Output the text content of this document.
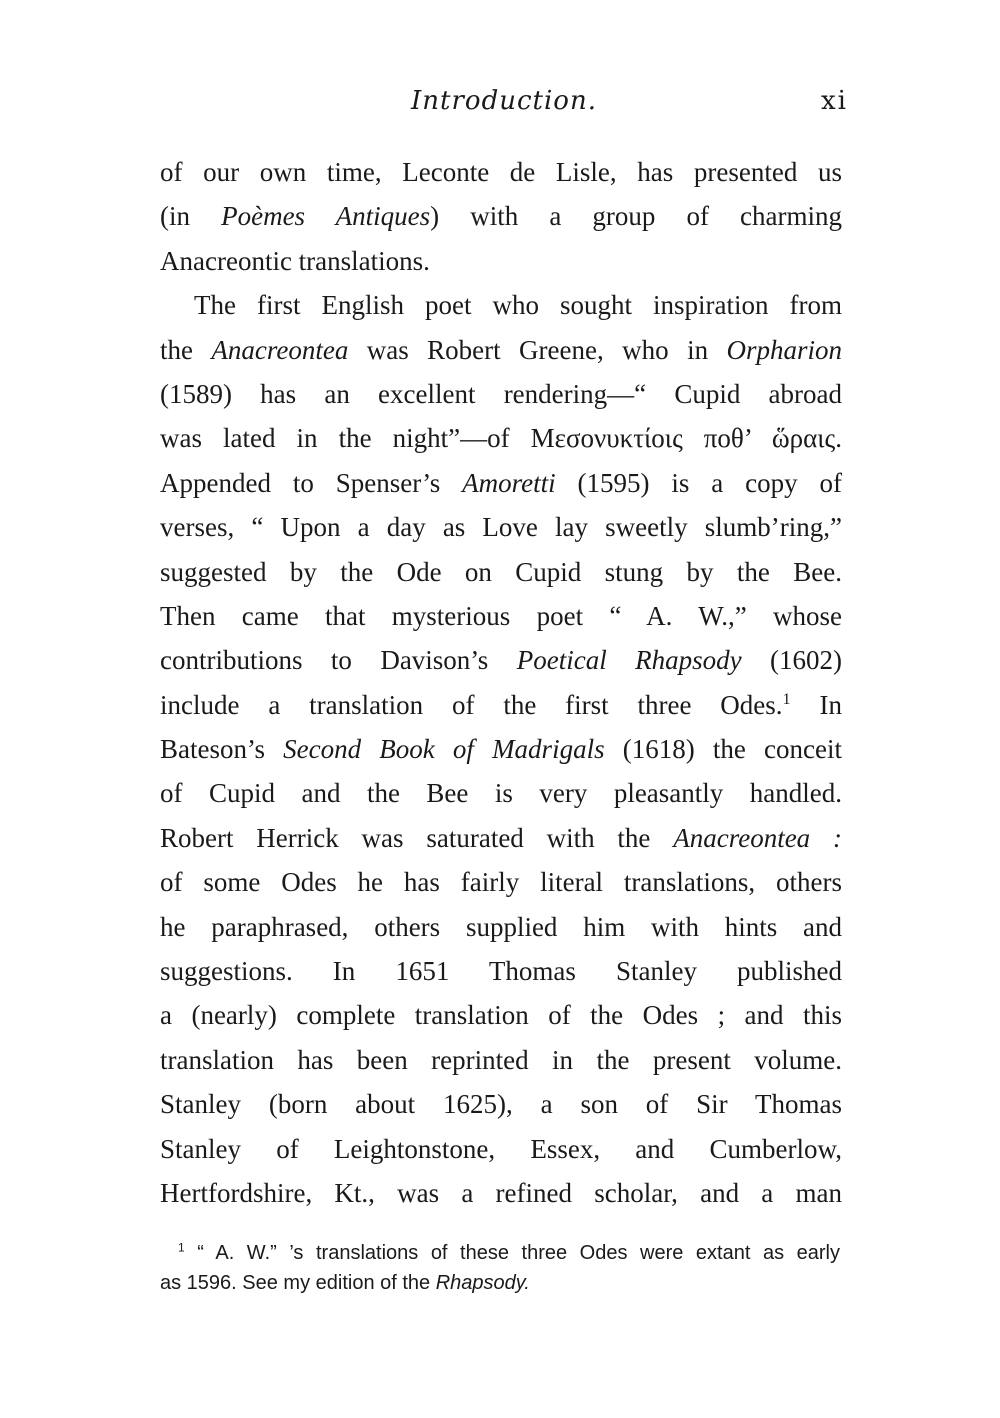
Introduction.	xi
of our own time, Leconte de Lisle, has presented us
(in Poèmes Antiques) with a group of charming
Anacreontic translations.
The first English poet who sought inspiration from
the Anacreontea was Robert Greene, who in Orpharion
(1589) has an excellent rendering—“ Cupid abroad
was lated in the night”—of Μεσονυκτίοις ποθ’ ὥραις.
Appended to Spenser’s Amoretti (1595) is a copy of
verses, “ Upon a day as Love lay sweetly slumb’ring,”
suggested by the Ode on Cupid stung by the Bee.
Then came that mysterious poet “ A. W.,” whose
contributions to Davison’s Poetical Rhapsody (1602)
include a translation of the first three Odes.$^1$ In
Bateson’s Second Book of Madrigals (1618) the conceit
of Cupid and the Bee is very pleasantly handled.
Robert Herrick was saturated with the Anacreontea :
of some Odes he has fairly literal translations, others
he paraphrased, others supplied him with hints and
suggestions. In 1651 Thomas Stanley published
a (nearly) complete translation of the Odes ; and this
translation has been reprinted in the present volume.
Stanley (born about 1625), a son of Sir Thomas
Stanley of Leightonstone, Essex, and Cumberlow,
Hertfordshire, Kt., was a refined scholar, and a man
$^1$ “ A. W.” ’s translations of these three Odes were extant as early
as 1596. See my edition of the Rhapsody.
